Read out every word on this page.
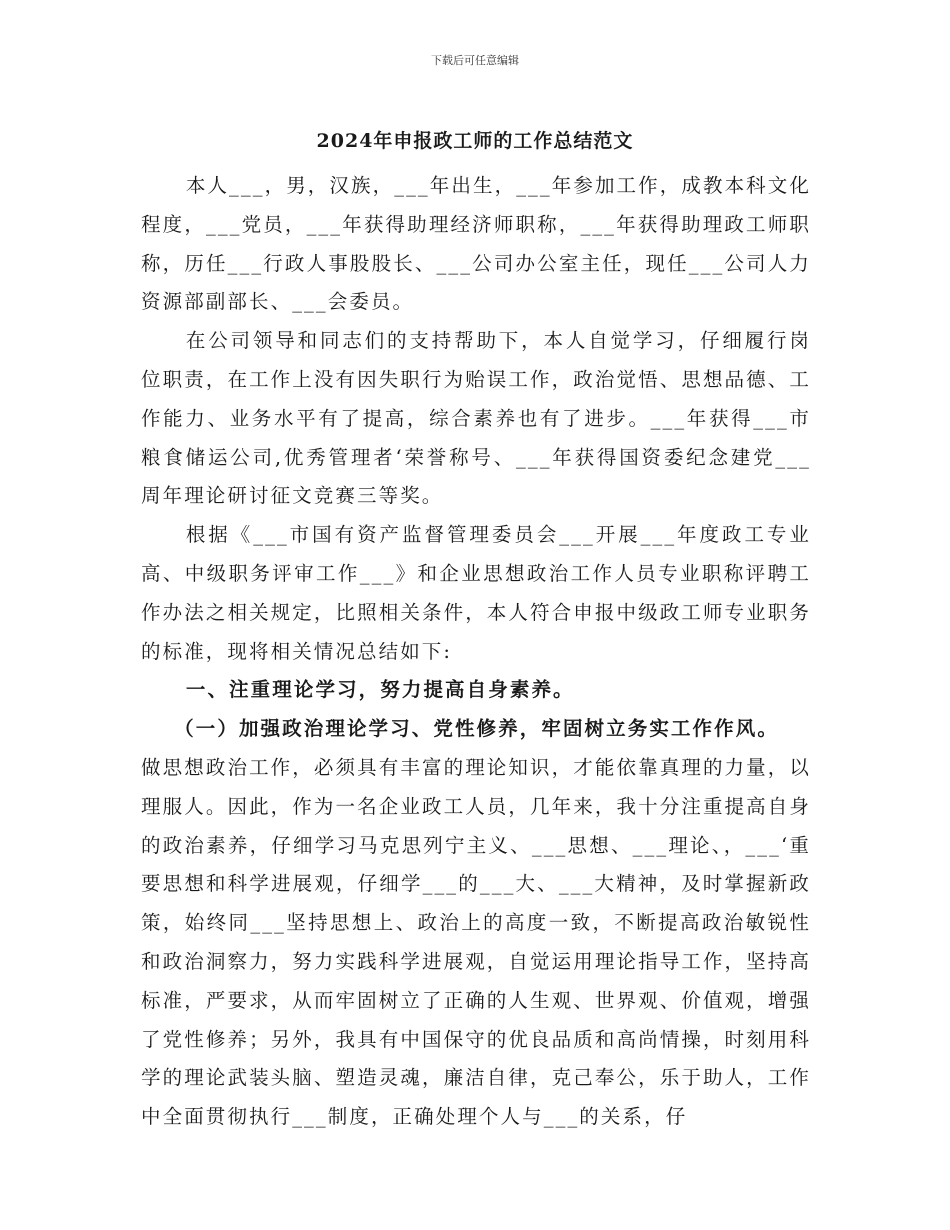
下载后可任意编辑
2024年申报政工师的工作总结范文

本人___，男，汉族，___年出生，___年参加工作，成教本科文化程度，___党员，___年获得助理经济师职称，___年获得助理政工师职称，历任___行政人事股股长、___公司办公室主任，现任___公司人力资源部副部长、___会委员。

在公司领导和同志们的支持帮助下，本人自觉学习，仔细履行岗位职责，在工作上没有因失职行为贻误工作，政治觉悟、思想品德、工作能力、业务水平有了提高，综合素养也有了进步。___年获得___市粮食储运公司,优秀管理者‘荣誉称号、___年获得国资委纪念建党___周年理论研讨征文竞赛三等奖。

根据《___市国有资产监督管理委员会___开展___年度政工专业高、中级职务评审工作___》和企业思想政治工作人员专业职称评聘工作办法之相关规定，比照相关条件，本人符合申报中级政工师专业职务的标准，现将相关情况总结如下:

一、注重理论学习，努力提高自身素养。

（一）加强政治理论学习、党性修养，牢固树立务实工作作风。

做思想政治工作，必须具有丰富的理论知识，才能依靠真理的力量，以理服人。因此，作为一名企业政工人员，几年来，我十分注重提高自身的政治素养，仔细学习马克思列宁主义、___思想、___理论、，___‘重要思想和科学进展观，仔细学___的___大、___大精神，及时掌握新政策，始终同___坚持思想上、政治上的高度一致，不断提高政治敏锐性和政治洞察力，努力实践科学进展观，自觉运用理论指导工作，坚持高标准，严要求，从而牢固树立了正确的人生观、世界观、价值观，增强了党性修养；另外，我具有中国保守的优良品质和高尚情操，时刻用科学的理论武装头脑、塑造灵魂，廉洁自律，克己奉公，乐于助人，工作中全面贯彻执行___制度，正确处理个人与___的关系，仔
